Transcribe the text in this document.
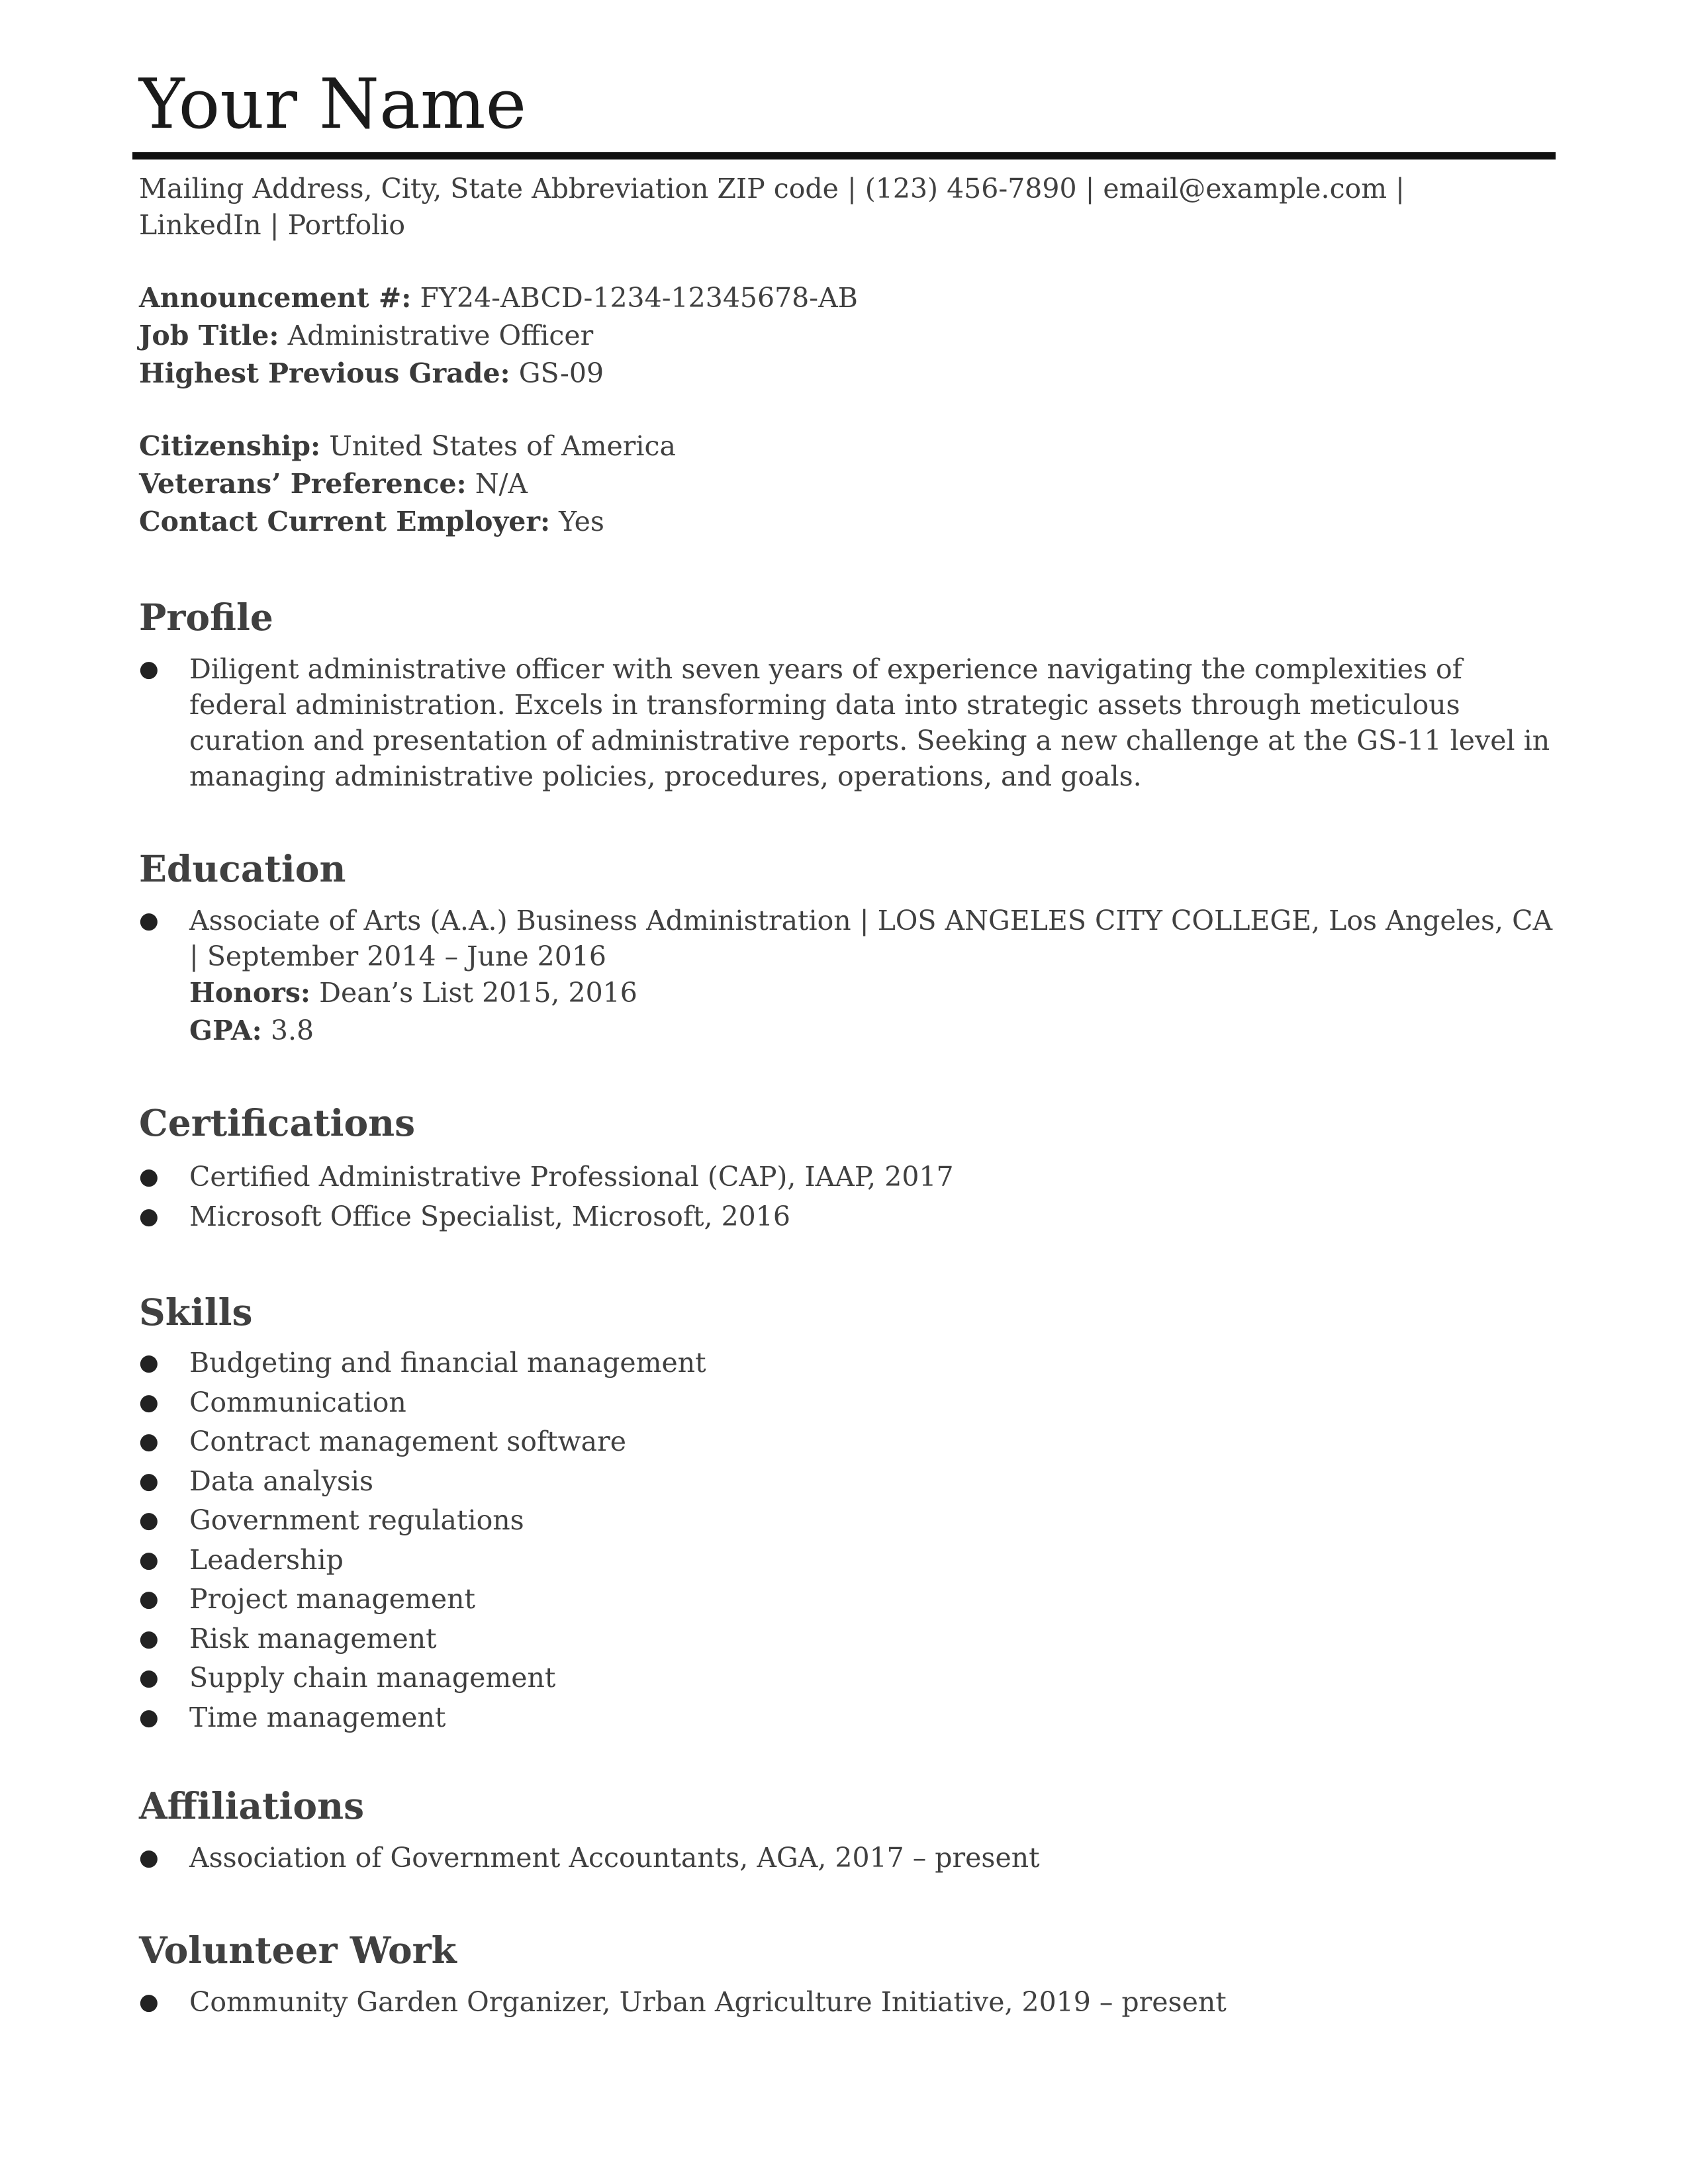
Your Name
Mailing Address, City, State Abbreviation ZIP code | (123) 456-7890 | email@example.com | LinkedIn | Portfolio
Announcement #: FY24-ABCD-1234-12345678-AB
Job Title: Administrative Officer
Highest Previous Grade: GS-09
Citizenship: United States of America
Veterans’ Preference: N/A
Contact Current Employer: Yes
Profile
● Diligent administrative officer with seven years of experience navigating the complexities of federal administration. Excels in transforming data into strategic assets through meticulous curation and presentation of administrative reports. Seeking a new challenge at the GS-11 level in managing administrative policies, procedures, operations, and goals.
Education
● Associate of Arts (A.A.) Business Administration | LOS ANGELES CITY COLLEGE, Los Angeles, CA | September 2014 – June 2016
Honors: Dean’s List 2015, 2016
GPA: 3.8
Certifications
● Certified Administrative Professional (CAP), IAAP, 2017
● Microsoft Office Specialist, Microsoft, 2016
Skills
● Budgeting and financial management
● Communication
● Contract management software
● Data analysis
● Government regulations
● Leadership
● Project management
● Risk management
● Supply chain management
● Time management
Affiliations
● Association of Government Accountants, AGA, 2017 – present
Volunteer Work
● Community Garden Organizer, Urban Agriculture Initiative, 2019 – present
